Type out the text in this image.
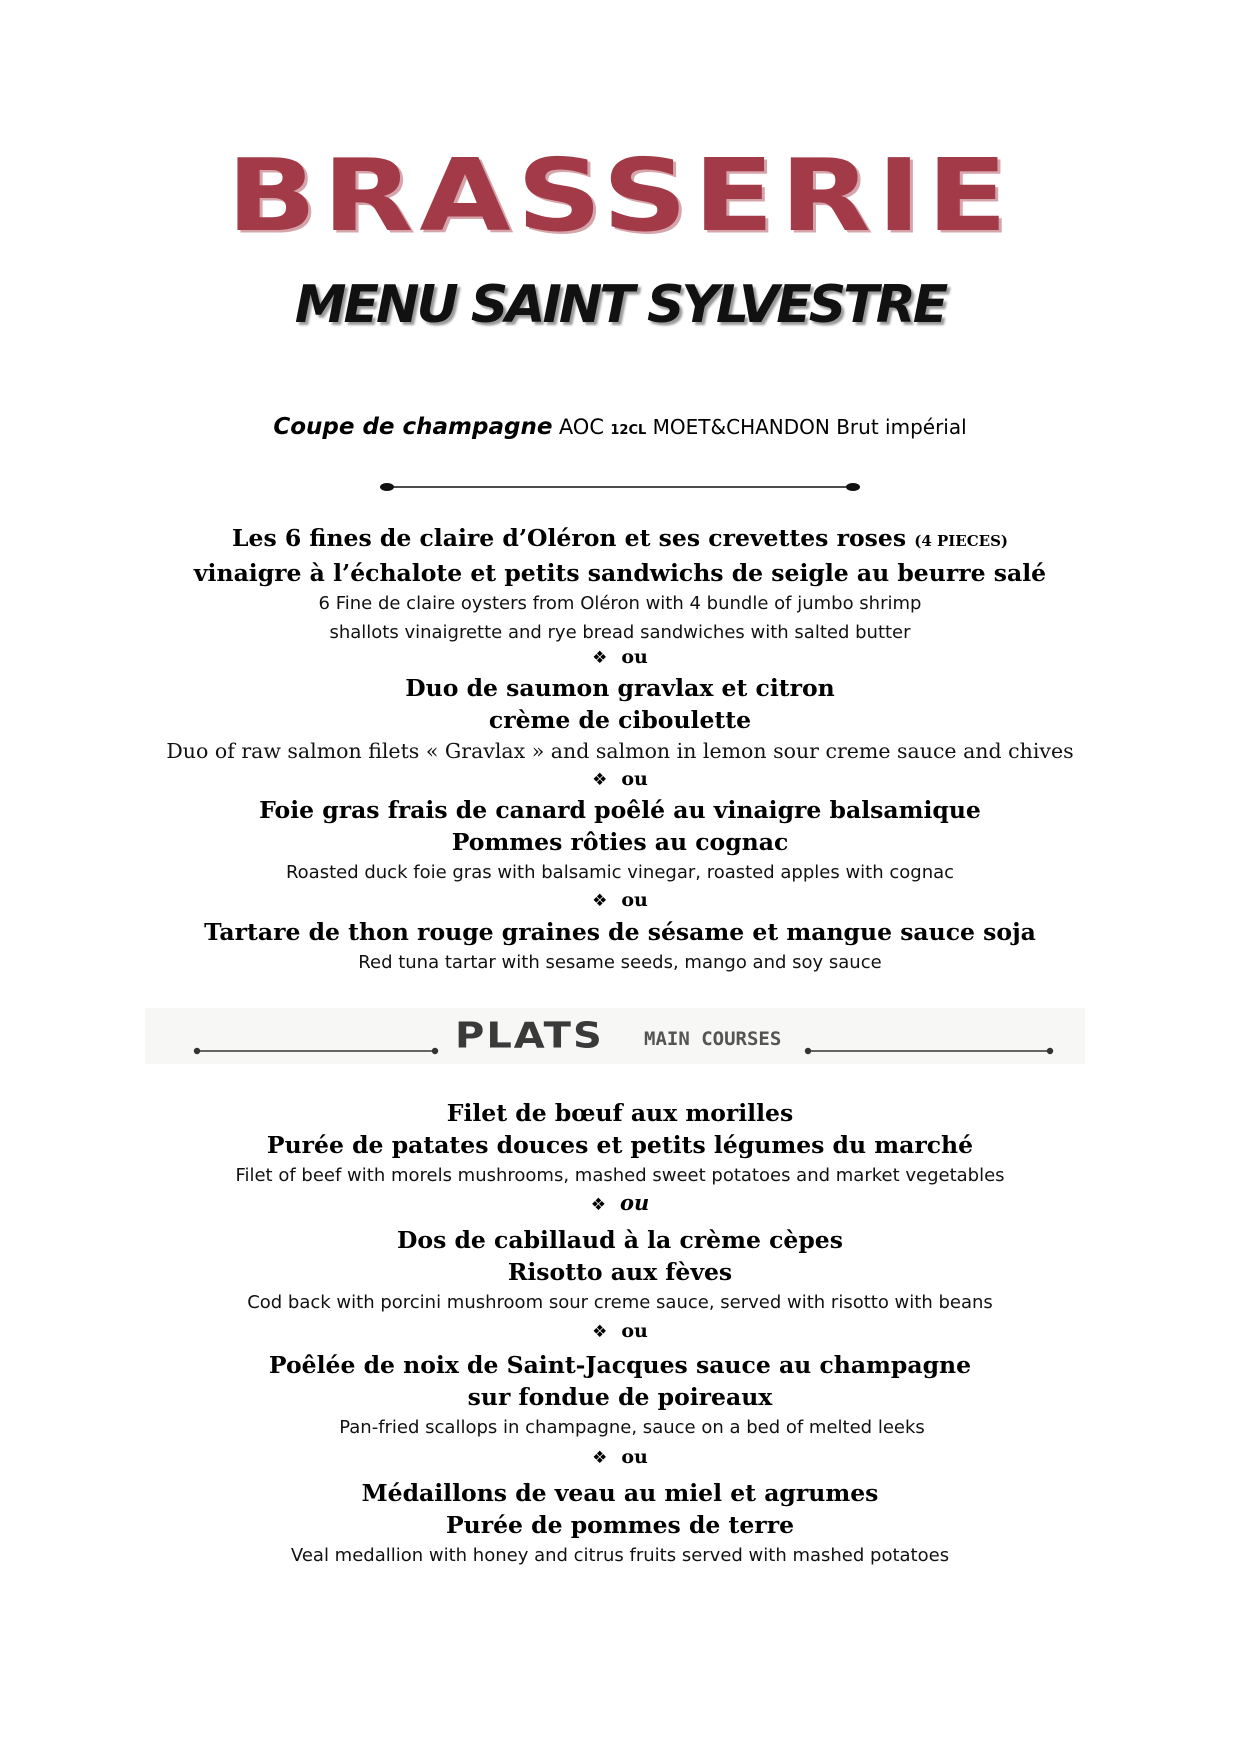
BRASSERIE
MENU SAINT SYLVESTRE
Coupe de champagne AOC 12CL MOET&CHANDON Brut impérial
Les 6 fines de claire d’Oléron et ses crevettes roses (4 PIECES)
vinaigre à l’échalote et petits sandwichs de seigle au beurre salé
6 Fine de claire oysters from Oléron with 4 bundle of jumbo shrimp
shallots vinaigrette and rye bread sandwiches with salted butter
❖ ou
Duo de saumon gravlax et citron
crème de ciboulette
Duo of raw salmon filets « Gravlax » and salmon in lemon sour creme sauce and chives
❖ ou
Foie gras frais de canard poêlé au vinaigre balsamique
Pommes rôties au cognac
Roasted duck foie gras with balsamic vinegar, roasted apples with cognac
❖ ou
Tartare de thon rouge graines de sésame et mangue sauce soja
Red tuna tartar with sesame seeds, mango and soy sauce
PLATS MAIN COURSES
Filet de bœuf aux morilles
Purée de patates douces et petits légumes du marché
Filet of beef with morels mushrooms, mashed sweet potatoes and market vegetables
❖ ou
Dos de cabillaud à la crème cèpes
Risotto aux fèves
Cod back with porcini mushroom sour creme sauce, served with risotto with beans
❖ ou
Poêlée de noix de Saint-Jacques sauce au champagne
sur fondue de poireaux
Pan-fried scallops in champagne, sauce on a bed of melted leeks
❖ ou
Médaillons de veau au miel et agrumes
Purée de pommes de terre
Veal medallion with honey and citrus fruits served with mashed potatoes
